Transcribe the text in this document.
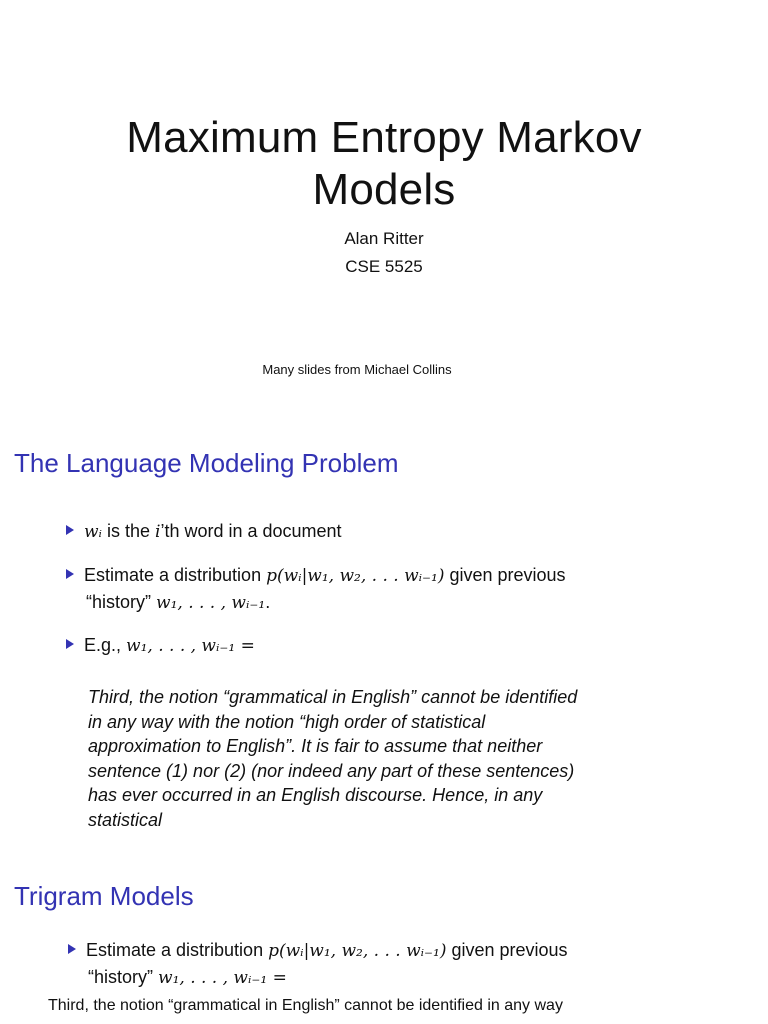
Maximum Entropy Markov
Models
Alan Ritter
CSE 5525
Many slides from Michael Collins
The Language Modeling Problem
wᵢ is the i’th word in a document
Estimate a distribution p(wᵢ|w₁, w₂, . . . wᵢ₋₁) given previous
“history” w₁, . . . , wᵢ₋₁.
E.g., w₁, . . . , wᵢ₋₁ =
Third, the notion “grammatical in English” cannot be identified in any way with the notion “high order of statistical approximation to English”. It is fair to assume that neither sentence (1) nor (2) (nor indeed any part of these sentences) has ever occurred in an English discourse. Hence, in any statistical
Trigram Models
Estimate a distribution p(wᵢ|w₁, w₂, . . . wᵢ₋₁) given previous
“history” w₁, . . . , wᵢ₋₁ =
Third, the notion “grammatical in English” cannot be identified in any way
